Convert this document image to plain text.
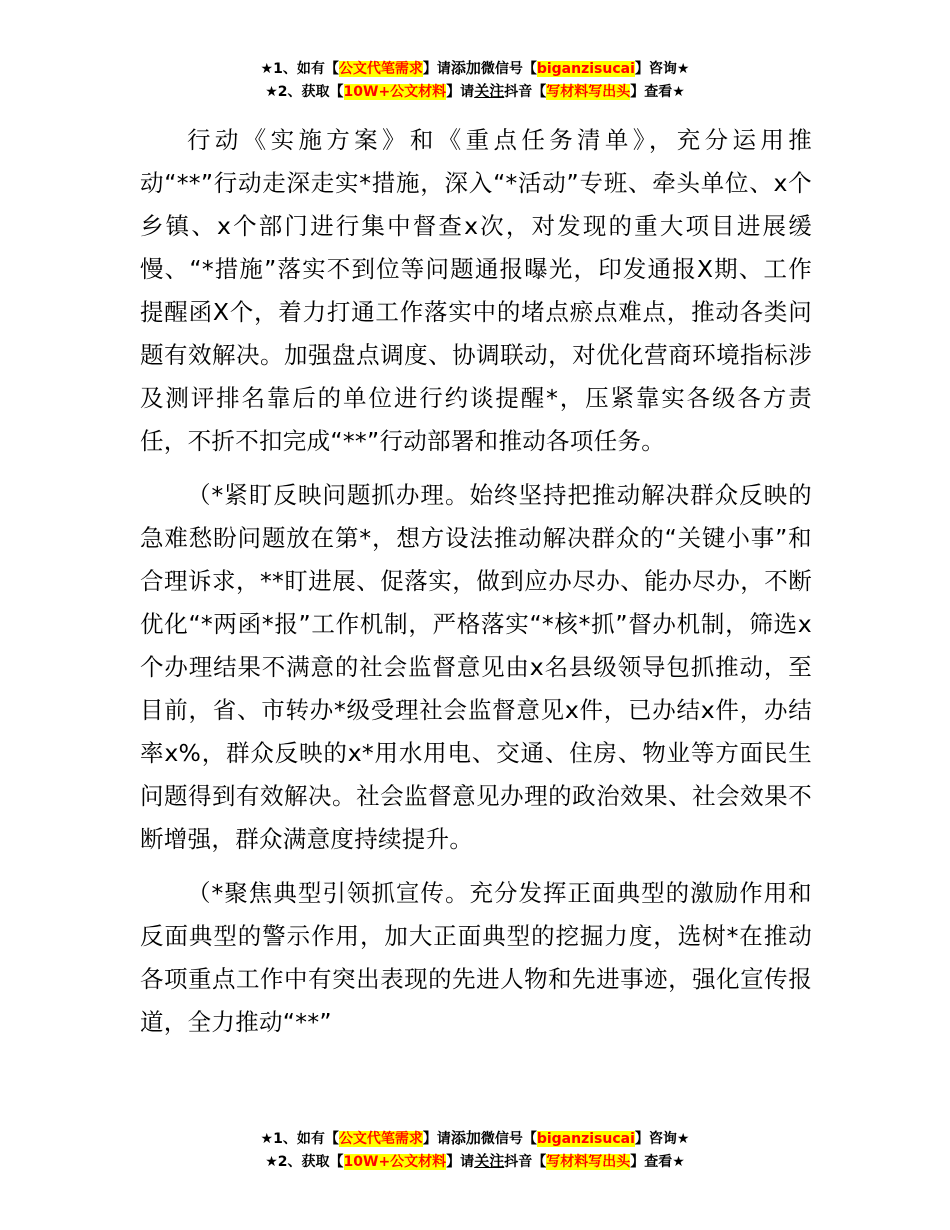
★1、如有【公文代笔需求】请添加微信号【biganzisucai】咨询★
★2、获取【10W+公文材料】请关注抖音【写材料写出头】查看★

行动《实施方案》和《重点任务清单》，充分运用推动“**”行动走深走实*措施，深入“*活动”专班、牵头单位、x个乡镇、x个部门进行集中督查x次，对发现的重大项目进展缓慢、“*措施”落实不到位等问题通报曝光，印发通报X期、工作提醒函X个，着力打通工作落实中的堵点瘀点难点，推动各类问题有效解决。加强盘点调度、协调联动，对优化营商环境指标涉及测评排名靠后的单位进行约谈提醒*，压紧靠实各级各方责任，不折不扣完成“**”行动部署和推动各项任务。

（*紧盯反映问题抓办理。始终坚持把推动解决群众反映的急难愁盼问题放在第*，想方设法推动解决群众的“关键小事”和合理诉求，**盯进展、促落实，做到应办尽办、能办尽办，不断优化“*两函*报”工作机制，严格落实“*核*抓”督办机制，筛选x个办理结果不满意的社会监督意见由x名县级领导包抓推动，至目前，省、市转办*级受理社会监督意见x件，已办结x件，办结率x%，群众反映的x*用水用电、交通、住房、物业等方面民生问题得到有效解决。社会监督意见办理的政治效果、社会效果不断增强，群众满意度持续提升。

（*聚焦典型引领抓宣传。充分发挥正面典型的激励作用和反面典型的警示作用，加大正面典型的挖掘力度，选树*在推动各项重点工作中有突出表现的先进人物和先进事迹，强化宣传报道，全力推动“**”

★1、如有【公文代笔需求】请添加微信号【biganzisucai】咨询★
★2、获取【10W+公文材料】请关注抖音【写材料写出头】查看★
